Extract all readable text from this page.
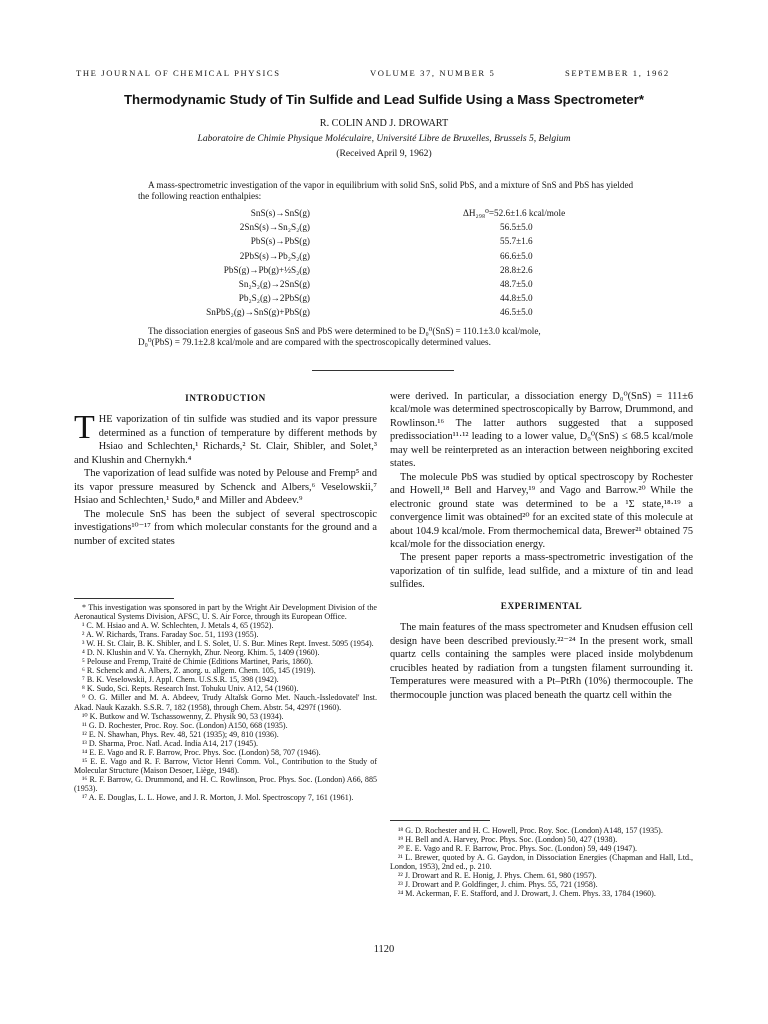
THE JOURNAL OF CHEMICAL PHYSICS	VOLUME 37, NUMBER 5	SEPTEMBER 1, 1962
Thermodynamic Study of Tin Sulfide and Lead Sulfide Using a Mass Spectrometer*
R. COLIN AND J. DROWART
Laboratoire de Chimie Physique Moléculaire, Université Libre de Bruxelles, Brussels 5, Belgium
(Received April 9, 1962)

A mass-spectrometric investigation of the vapor in equilibrium with solid SnS, solid PbS, and a mixture of SnS and PbS has yielded the following reaction enthalpies:

SnS(s)→SnS(g)	ΔH₂₉₈⁰=52.6±1.6 kcal/mole
2SnS(s)→Sn₂S₂(g)	56.5±5.0
PbS(s)→PbS(g)	55.7±1.6
2PbS(s)→Pb₂S₂(g)	66.6±5.0
PbS(g)→Pb(g)+½S₂(g)	28.8±2.6
Sn₂S₂(g)→2SnS(g)	48.7±5.0
Pb₂S₂(g)→2PbS(g)	44.8±5.0
SnPbS₂(g)→SnS(g)+PbS(g)	46.5±5.0

The dissociation energies of gaseous SnS and PbS were determined to be D₀⁰(SnS) = 110.1±3.0 kcal/mole,

D₀⁰(PbS) = 79.1±2.8 kcal/mole and are compared with the spectroscopically determined values.

INTRODUCTION

THE vaporization of tin sulfide was studied and its vapor pressure determined as a function of temperature by different methods by Hsiao and Schlechten,¹ Richards,² St. Clair, Shibler, and Solet,³ and Klushin and Chernykh.⁴

The vaporization of lead sulfide was noted by Pelouse and Fremp⁵ and its vapor pressure measured by Schenck and Albers,⁶ Veselowskii,⁷ Hsiao and Schlechten,¹ Sudo,⁸ and Miller and Abdeev.⁹

The molecule SnS has been the subject of several spectroscopic investigations¹⁰⁻¹⁷ from which molecular constants for the ground and a number of excited states

* This investigation was sponsored in part by the Wright Air Development Division of the Aeronautical Systems Division, AFSC, U. S. Air Force, through its European Office.

¹ C. M. Hsiao and A. W. Schlechten, J. Metals 4, 65 (1952).

² A. W. Richards, Trans. Faraday Soc. 51, 1193 (1955).

³ W. H. St. Clair, B. K. Shibler, and I. S. Solet, U. S. Bur. Mines Rept. Invest. 5095 (1954).

⁴ D. N. Klushin and V. Ya. Chernykh, Zhur. Neorg. Khim. 5, 1409 (1960).

⁵ Pelouse and Fremp, Traité de Chimie (Editions Martinet, Paris, 1860).

⁶ R. Schenck and A. Albers, Z. anorg. u. allgem. Chem. 105, 145 (1919).

⁷ B. K. Veselowskii, J. Appl. Chem. U.S.S.R. 15, 398 (1942).

⁸ K. Sudo, Sci. Repts. Research Inst. Tohuku Univ. A12, 54 (1960).

⁹ O. G. Miller and M. A. Abdeev, Trudy Altaĭsk Gorno Met. Nauch.-Issledovatel' Inst. Akad. Nauk Kazakh. S.S.R. 7, 182 (1958), through Chem. Abstr. 54, 4297f (1960).

¹⁰ K. Butkow and W. Tschassowenny, Z. Physik 90, 53 (1934).

¹¹ G. D. Rochester, Proc. Roy. Soc. (London) A150, 668 (1935).

¹² E. N. Shawhan, Phys. Rev. 48, 521 (1935); 49, 810 (1936).

¹³ D. Sharma, Proc. Natl. Acad. India A14, 217 (1945).

¹⁴ E. E. Vago and R. F. Barrow, Proc. Phys. Soc. (London) 58, 707 (1946).

¹⁵ E. E. Vago and R. F. Barrow, Victor Henri Comm. Vol., Contribution to the Study of Molecular Structure (Maison Desoer, Liège, 1948).

¹⁶ R. F. Barrow, G. Drummond, and H. C. Rowlinson, Proc. Phys. Soc. (London) A66, 885 (1953).

¹⁷ A. E. Douglas, L. L. Howe, and J. R. Morton, J. Mol. Spectroscopy 7, 161 (1961).

were derived. In particular, a dissociation energy D₀⁰(SnS) = 111±6 kcal/mole was determined spectroscopically by Barrow, Drummond, and Rowlinson.¹⁶ The latter authors suggested that a supposed predissociation¹¹·¹² leading to a lower value, D₀⁰(SnS) ≤ 68.5 kcal/mole may well be reinterpreted as an interaction between neighboring excited states.

The molecule PbS was studied by optical spectroscopy by Rochester and Howell,¹⁸ Bell and Harvey,¹⁹ and Vago and Barrow.²⁰ While the electronic ground state was determined to be a ¹Σ state,¹⁸·¹⁹ a convergence limit was obtained²⁰ for an excited state of this molecule at about 104.9 kcal/mole. From thermochemical data, Brewer²¹ obtained 75 kcal/mole for the dissociation energy.

The present paper reports a mass-spectrometric investigation of the vaporization of tin sulfide, lead sulfide, and a mixture of tin and lead sulfides.

EXPERIMENTAL

The main features of the mass spectrometer and Knudsen effusion cell design have been described previously.²²⁻²⁴ In the present work, small quartz cells containing the samples were placed inside molybdenum crucibles heated by radiation from a tungsten filament surrounding it. Temperatures were measured with a Pt–PtRh (10%) thermocouple. The thermocouple junction was placed beneath the quartz cell within the

¹⁸ G. D. Rochester and H. C. Howell, Proc. Roy. Soc. (London) A148, 157 (1935).

¹⁹ H. Bell and A. Harvey, Proc. Phys. Soc. (London) 50, 427 (1938).

²⁰ E. E. Vago and R. F. Barrow, Proc. Phys. Soc. (London) 59, 449 (1947).

²¹ L. Brewer, quoted by A. G. Gaydon, in Dissociation Energies (Chapman and Hall, Ltd., London, 1953), 2nd ed., p. 210.

²² J. Drowart and R. E. Honig, J. Phys. Chem. 61, 980 (1957).

²³ J. Drowart and P. Goldfinger, J. chim. Phys. 55, 721 (1958).

²⁴ M. Ackerman, F. E. Stafford, and J. Drowart, J. Chem. Phys. 33, 1784 (1960).

1120
